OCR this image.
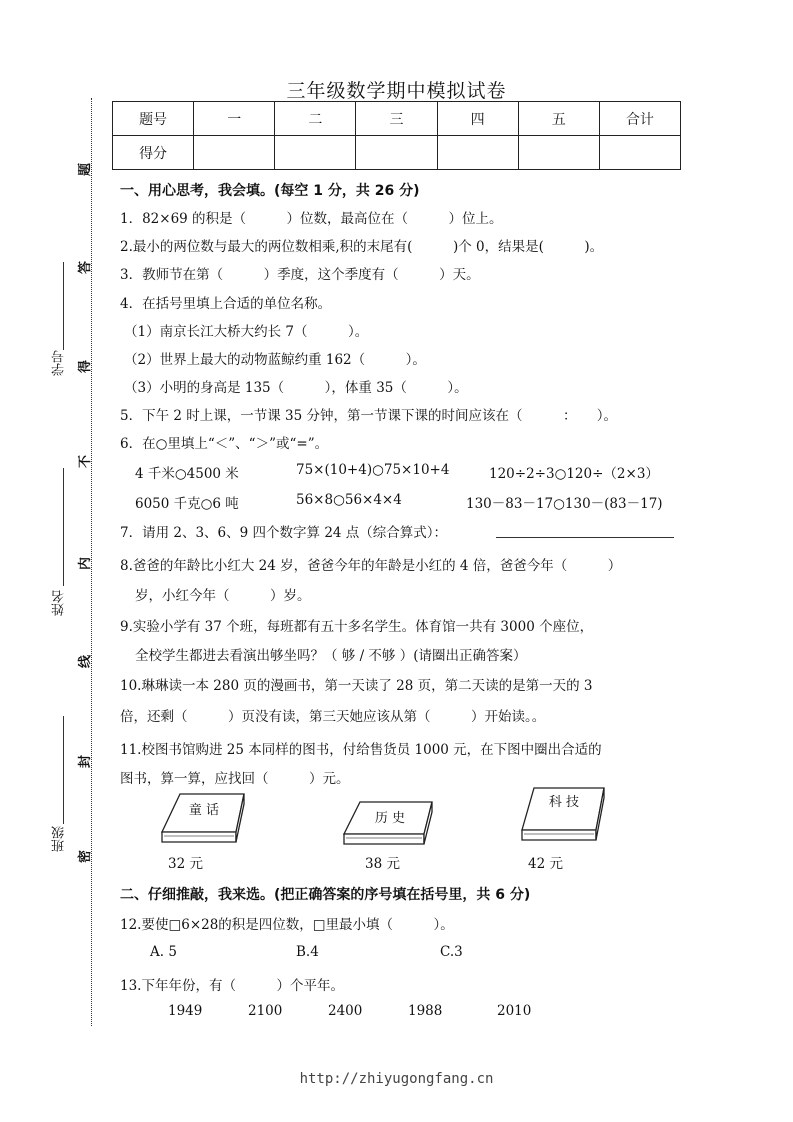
三年级数学期中模拟试卷
题号	一	二	三	四	五	合计
得分						
题
答
得
不
内
线
封
密
学号
姓名
班级
一、用心思考，我会填。(每空 1 分，共 26 分)
1．82×69 的积是（　　　）位数，最高位在（　　　）位上。
2.最小的两位数与最大的两位数相乘,积的末尾有(　　　)个 0，结果是(　　　)。
3．教师节在第（　　　）季度，这个季度有（　　　）天。
4．在括号里填上合适的单位名称。
（1）南京长江大桥大约长 7（　　　）。
（2）世界上最大的动物蓝鲸约重 162（　　　）。
（3）小明的身高是 135（　　　），体重 35（　　　）。
5．下午 2 时上课，一节课 35 分钟，第一节课下课的时间应该在（　　　：　　）。
6．在○里填上“＜”、“＞”或“=”。
4 千米○4500 米	75×(10+4)○75×10+4	120÷2÷3○120÷（2×3）
6050 千克○6 吨	56×8○56×4×4	130－83－17○130－(83－17)
7．请用 2、3、6、9 四个数字算 24 点（综合算式）：
8.爸爸的年龄比小红大 24 岁，爸爸今年的年龄是小红的 4 倍，爸爸今年（　　　）
岁，小红今年（　　　）岁。
9.实验小学有 37 个班，每班都有五十多名学生。体育馆一共有 3000 个座位，
全校学生都进去看演出够坐吗？（ 够 / 不够 ）(请圈出正确答案）
10.琳琳读一本 280 页的漫画书，第一天读了 28 页，第二天读的是第一天的 3
倍，还剩（　　　）页没有读，第三天她应该从第（　　　）开始读。。
11.校图书馆购进 25 本同样的图书，付给售货员 1000 元，在下图中圈出合适的
图书，算一算，应找回（　　　）元。
童 话
32 元
历 史
38 元
科 技
42 元
二、仔细推敲，我来选。(把正确答案的序号填在括号里，共 6 分)
12.要使□6×28的积是四位数，□里最小填（　　　）。
A. 5	B.4	C.3
13.下年年份，有（　　　）个平年。
1949	2100	2400	1988	2010
http://zhiyugongfang.cn
